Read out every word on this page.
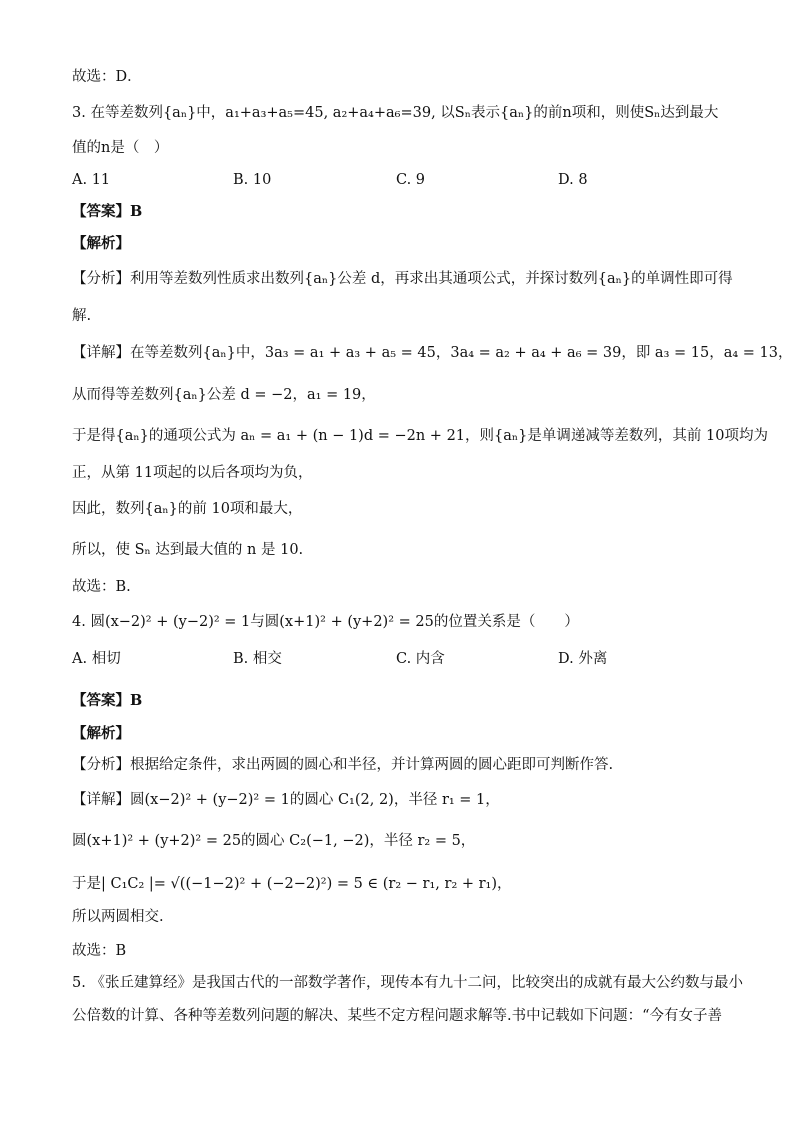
故选：D．
3. 在等差数列{aₙ}中，a₁+a₃+a₅=45, a₂+a₄+a₆=39, 以Sₙ表示{aₙ}的前n项和，则使Sₙ达到最大
值的n是（　）
A. 11	B. 10	C. 9	D. 8
【答案】B
【解析】
【分析】利用等差数列性质求出数列{aₙ}公差 d，再求出其通项公式，并探讨数列{aₙ}的单调性即可得
解.
【详解】在等差数列{aₙ}中，3a₃ = a₁ + a₃ + a₅ = 45，3a₄ = a₂ + a₄ + a₆ = 39，即 a₃ = 15，a₄ = 13，
从而得等差数列{aₙ}公差 d = −2，a₁ = 19，
于是得{aₙ}的通项公式为 aₙ = a₁ + (n − 1)d = −2n + 21，则{aₙ}是单调递减等差数列，其前 10项均为
正，从第 11项起的以后各项均为负，
因此，数列{aₙ}的前 10项和最大，
所以，使 Sₙ 达到最大值的 n 是 10.
故选：B.
4. 圆(x−2)² + (y−2)² = 1与圆(x+1)² + (y+2)² = 25的位置关系是（　　）
A. 相切	B. 相交	C. 内含	D. 外离
【答案】B
【解析】
【分析】根据给定条件，求出两圆的圆心和半径，并计算两圆的圆心距即可判断作答.
【详解】圆(x−2)² + (y−2)² = 1的圆心 C₁(2, 2)，半径 r₁ = 1，
圆(x+1)² + (y+2)² = 25的圆心 C₂(−1, −2)，半径 r₂ = 5，
于是| C₁C₂ |= √((−1−2)² + (−2−2)²) = 5 ∈ (r₂ − r₁, r₂ + r₁)，
所以两圆相交.
故选：B
5. 《张丘建算经》是我国古代的一部数学著作，现传本有九十二问，比较突出的成就有最大公约数与最小
公倍数的计算、各种等差数列问题的解决、某些不定方程问题求解等.书中记载如下问题：“今有女子善
